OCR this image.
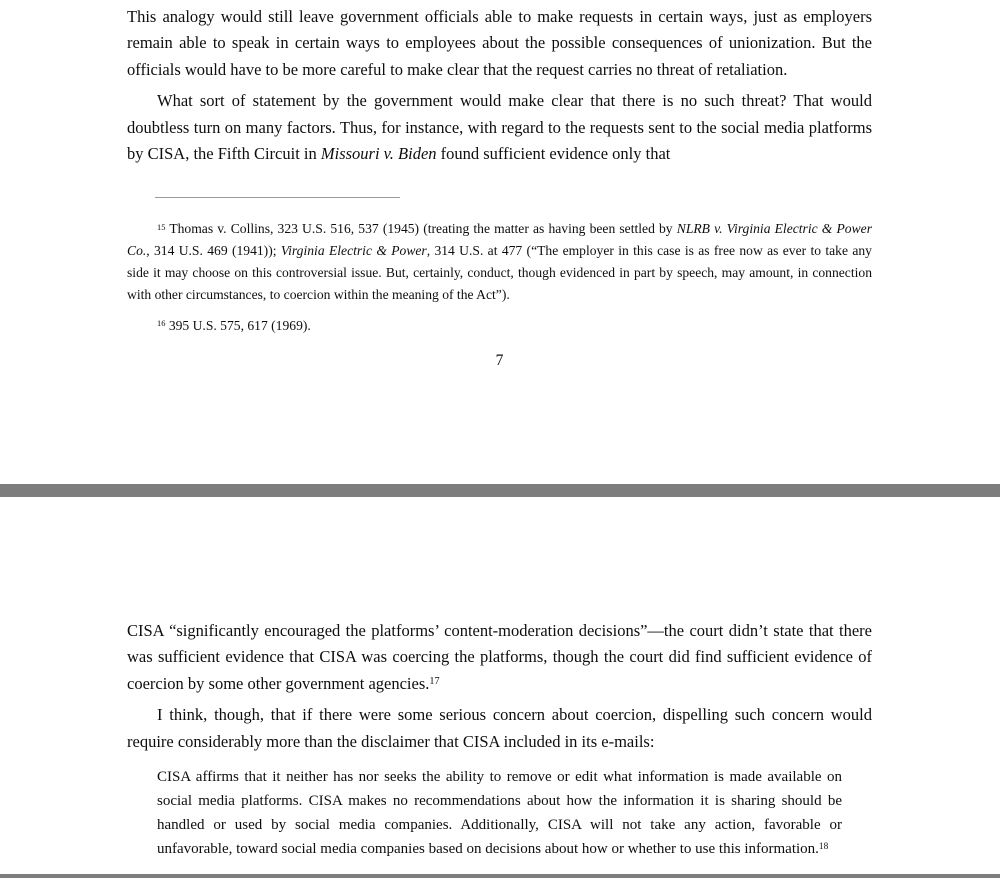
This analogy would still leave government officials able to make requests in certain ways, just as employers remain able to speak in certain ways to employees about the possible consequences of unionization. But the officials would have to be more careful to make clear that the request carries no threat of retaliation.

What sort of statement by the government would make clear that there is no such threat? That would doubtless turn on many factors. Thus, for instance, with regard to the requests sent to the social media platforms by CISA, the Fifth Circuit in Missouri v. Biden found sufficient evidence only that

$^{15}$ Thomas v. Collins, 323 U.S. 516, 537 (1945) (treating the matter as having been settled by NLRB v. Virginia Electric & Power Co., 314 U.S. 469 (1941)); Virginia Electric & Power, 314 U.S. at 477 (“The employer in this case is as free now as ever to take any side it may choose on this controversial issue. But, certainly, conduct, though evidenced in part by speech, may amount, in connection with other circumstances, to coercion within the meaning of the Act”).

$^{16}$ 395 U.S. 575, 617 (1969).

7

CISA “significantly encouraged the platforms’ content-moderation decisions”—the court didn’t state that there was sufficient evidence that CISA was coercing the platforms, though the court did find sufficient evidence of coercion by some other government agencies.$^{17}$

I think, though, that if there were some serious concern about coercion, dispelling such concern would require considerably more than the disclaimer that CISA included in its e-mails:

CISA affirms that it neither has nor seeks the ability to remove or edit what information is made available on social media platforms. CISA makes no recommendations about how the information it is sharing should be handled or used by social media companies. Additionally, CISA will not take any action, favorable or unfavorable, toward social media companies based on decisions about how or whether to use this information.$^{18}$
